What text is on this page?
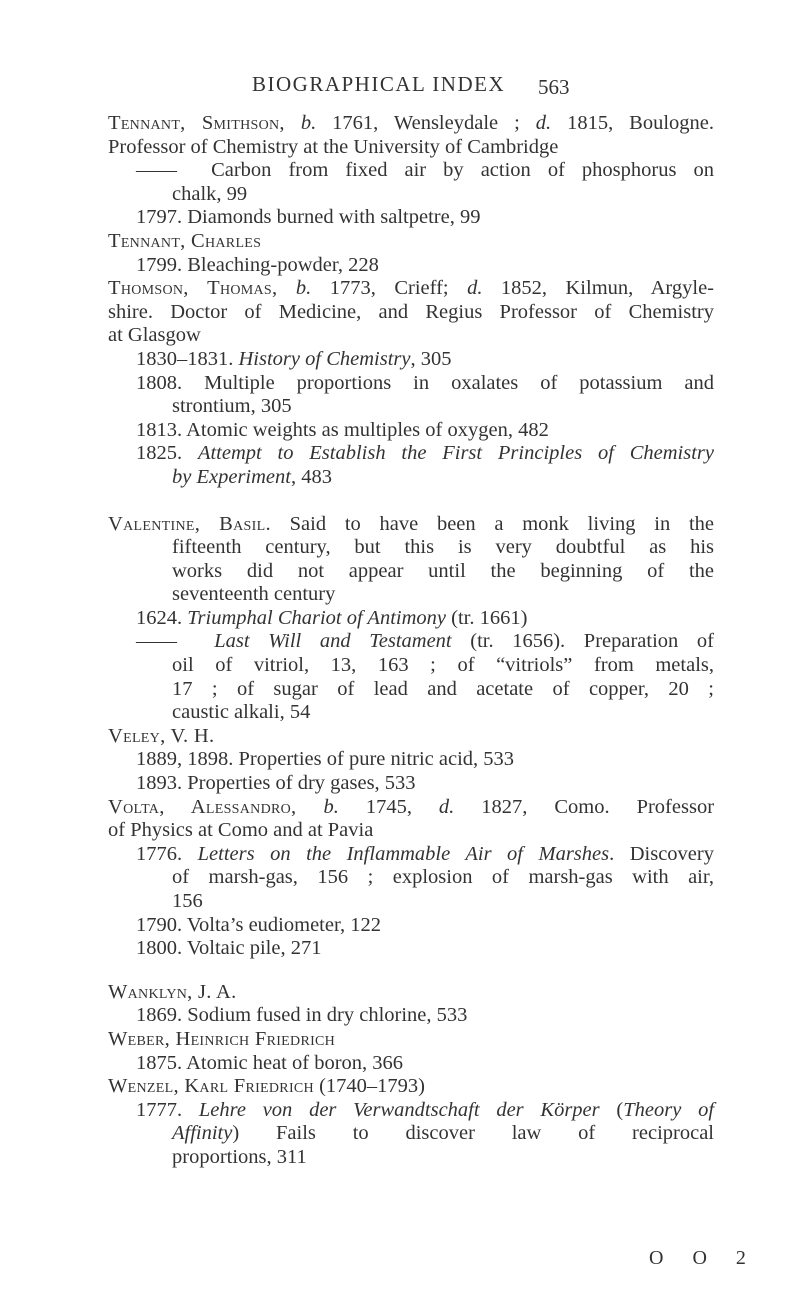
BIOGRAPHICAL INDEX 563
Tennant, Smithson, b. 1761, Wensleydale ; d. 1815, Boulogne.
Professor of Chemistry at the University of Cambridge
——  Carbon from fixed air by action of phosphorus on
chalk, 99
1797. Diamonds burned with saltpetre, 99
Tennant, Charles
1799. Bleaching-powder, 228
Thomson, Thomas, b. 1773, Crieff; d. 1852, Kilmun, Argyle-
shire. Doctor of Medicine, and Regius Professor of Chemistry
at Glasgow
1830–1831. History of Chemistry, 305
1808. Multiple proportions in oxalates of potassium and
strontium, 305
1813. Atomic weights as multiples of oxygen, 482
1825. Attempt to Establish the First Principles of Chemistry
by Experiment, 483
Valentine, Basil. Said to have been a monk living in the
fifteenth century, but this is very doubtful as his
works did not appear until the beginning of the
seventeenth century
1624. Triumphal Chariot of Antimony (tr. 1661)
——  Last Will and Testament (tr. 1656). Preparation of
oil of vitriol, 13, 163 ; of “vitriols” from metals,
17 ; of sugar of lead and acetate of copper, 20 ;
caustic alkali, 54
Veley, V. H.
1889, 1898. Properties of pure nitric acid, 533
1893. Properties of dry gases, 533
Volta, Alessandro, b. 1745, d. 1827, Como. Professor
of Physics at Como and at Pavia
1776. Letters on the Inflammable Air of Marshes. Discovery
of marsh-gas, 156 ; explosion of marsh-gas with air,
156
1790. Volta’s eudiometer, 122
1800. Voltaic pile, 271
Wanklyn, J. A.
1869. Sodium fused in dry chlorine, 533
Weber, Heinrich Friedrich
1875. Atomic heat of boron, 366
Wenzel, Karl Friedrich (1740–1793)
1777. Lehre von der Verwandtschaft der Körper (Theory of
Affinity) Fails to discover law of reciprocal
proportions, 311
O O 2
